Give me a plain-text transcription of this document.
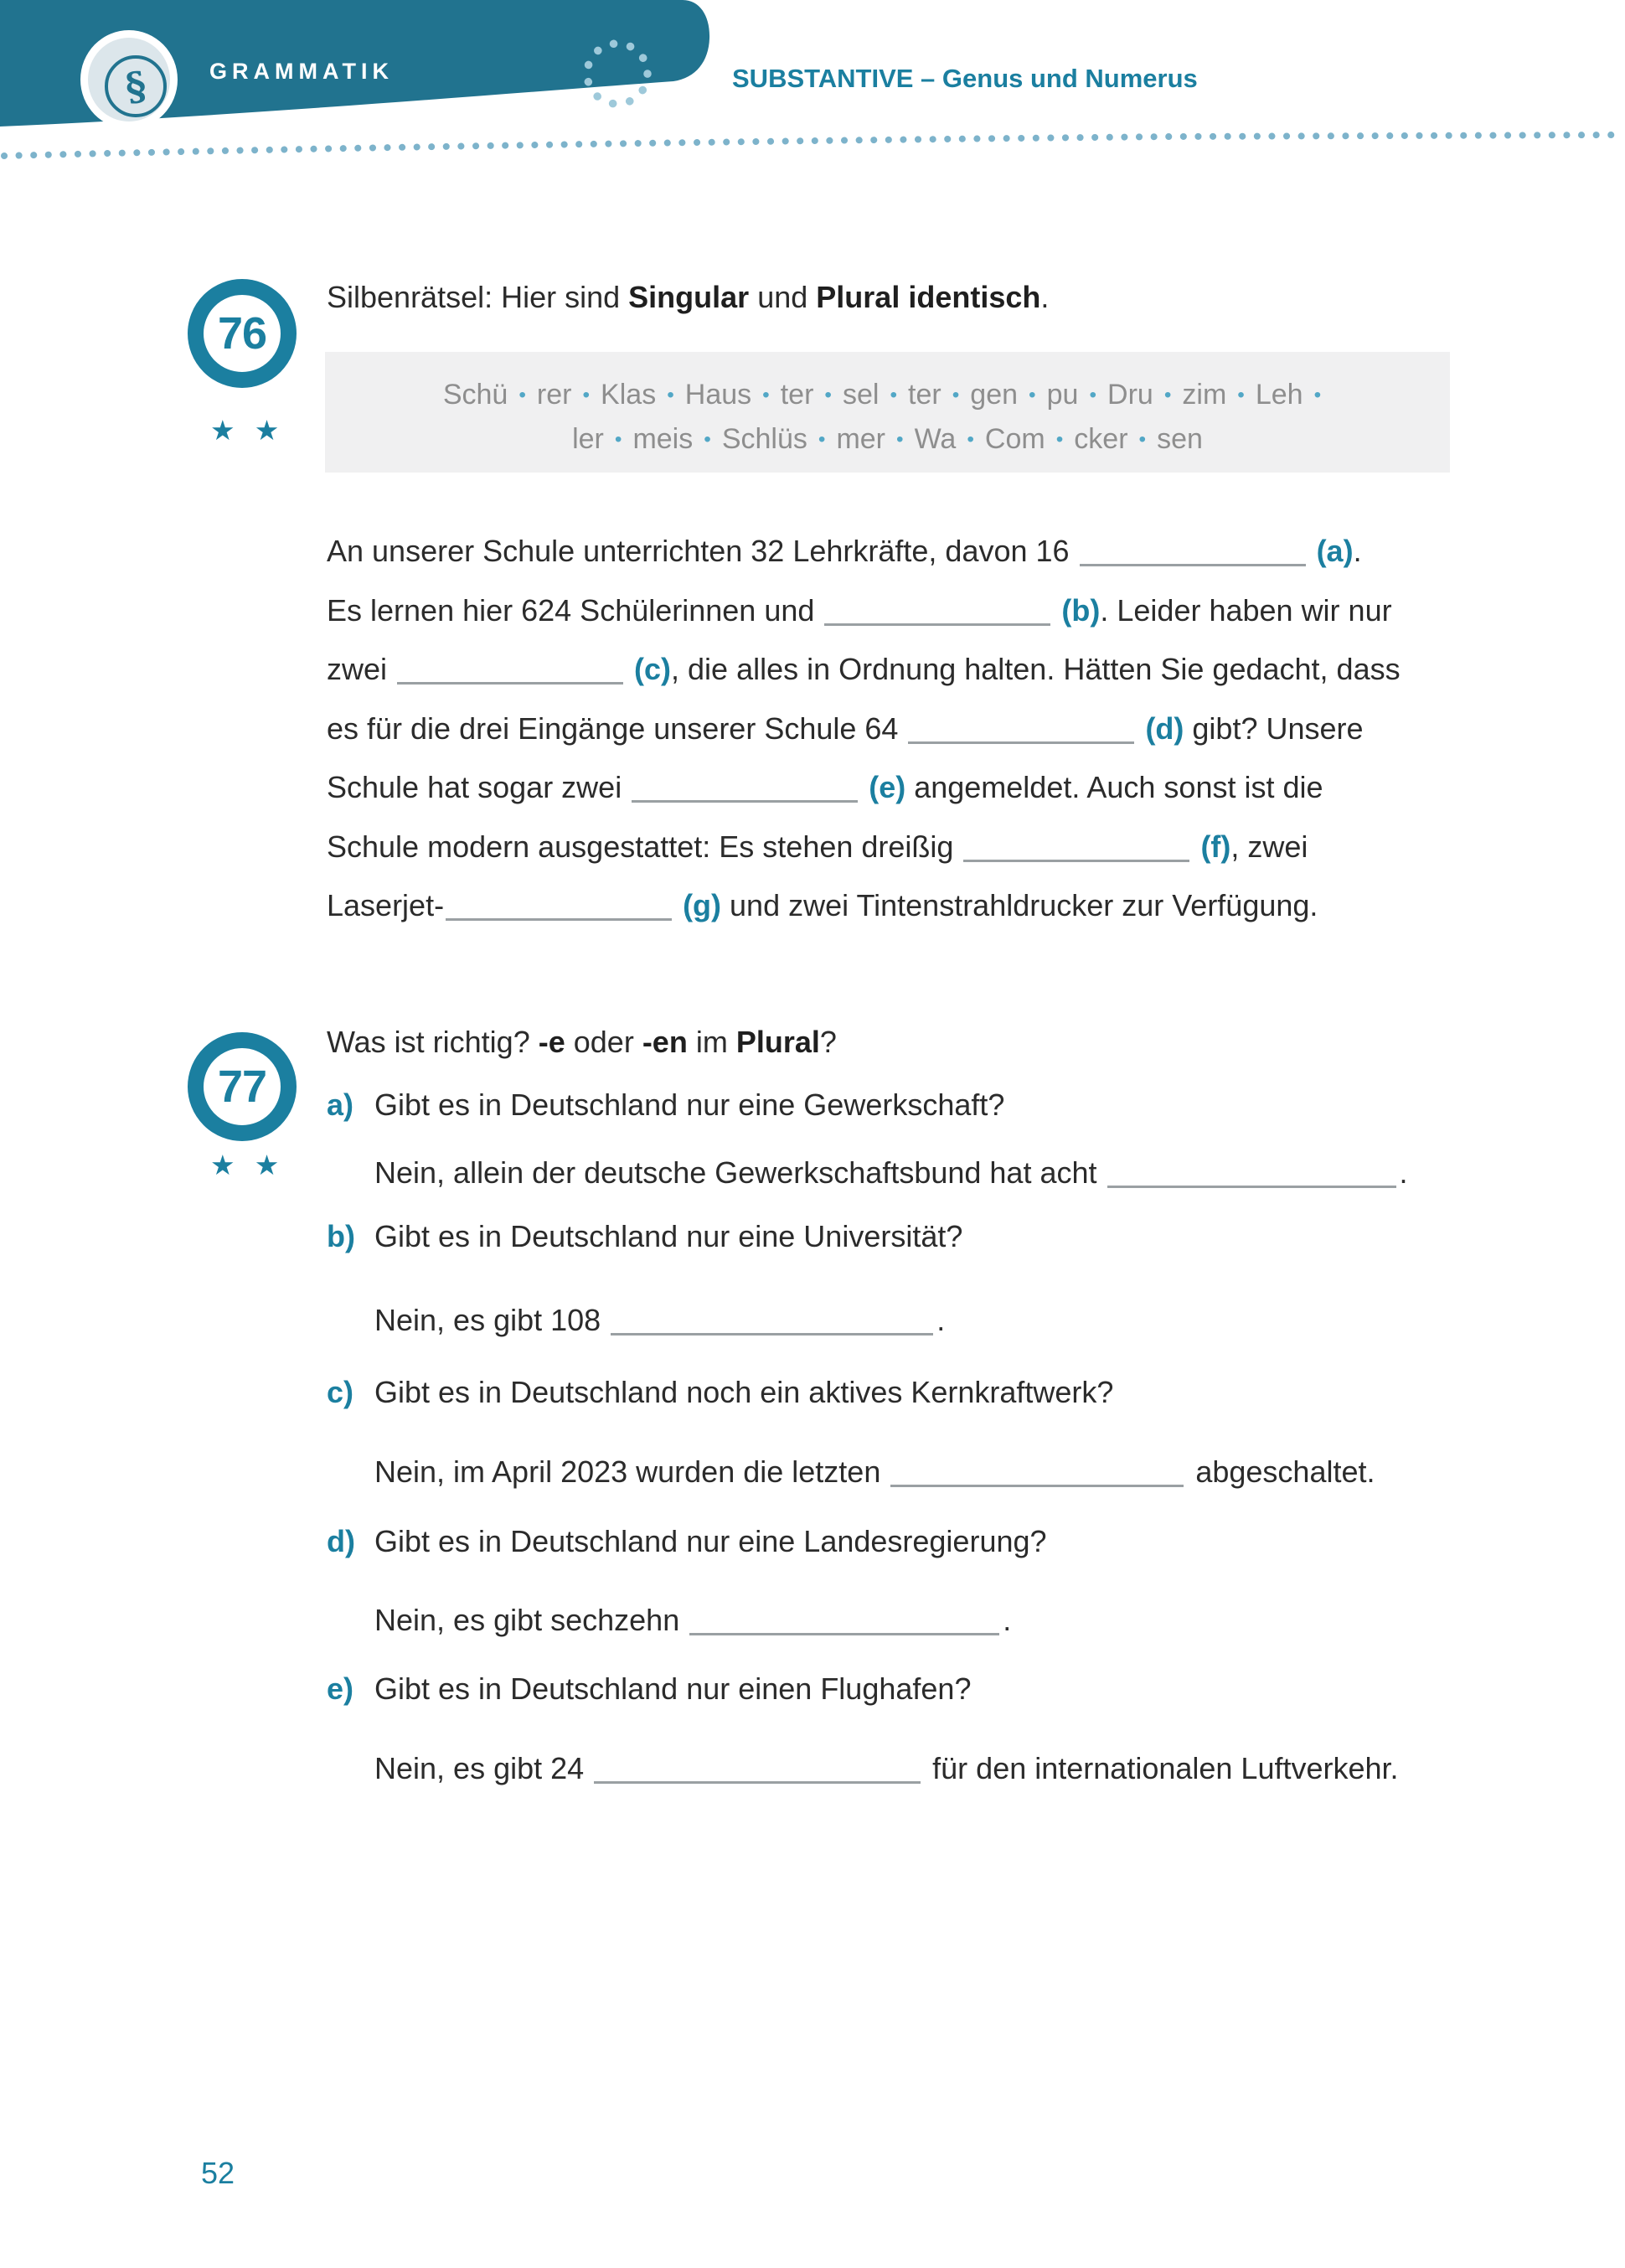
§	GRAMMATIK	SUBSTANTIVE – Genus und Numerus
76
★ ★
Silbenrätsel: Hier sind Singular und Plural identisch.
Schü • rer • Klas • Haus • ter • sel • ter • gen • pu • Dru • zim • Leh •
ler • meis • Schlüs • mer • Wa • Com • cker • sen
An unserer Schule unterrichten 32 Lehrkräfte, davon 16	(a).
Es lernen hier 624 Schülerinnen und	(b). Leider haben wir nur
zwei	(c), die alles in Ordnung halten. Hätten Sie gedacht, dass
es für die drei Eingänge unserer Schule 64	(d) gibt? Unsere
Schule hat sogar zwei	(e) angemeldet. Auch sonst ist die
Schule modern ausgestattet: Es stehen dreißig	(f), zwei
Laserjet-	(g) und zwei Tintenstrahldrucker zur Verfügung.
77
★ ★
Was ist richtig? -e oder -en im Plural?
a) Gibt es in Deutschland nur eine Gewerkschaft?
Nein, allein der deutsche Gewerkschaftsbund hat acht	.
b) Gibt es in Deutschland nur eine Universität?
Nein, es gibt 108	.
c) Gibt es in Deutschland noch ein aktives Kernkraftwerk?
Nein, im April 2023 wurden die letzten	abgeschaltet.
d) Gibt es in Deutschland nur eine Landesregierung?
Nein, es gibt sechzehn	.
e) Gibt es in Deutschland nur einen Flughafen?
Nein, es gibt 24	für den internationalen Luftverkehr.
52
